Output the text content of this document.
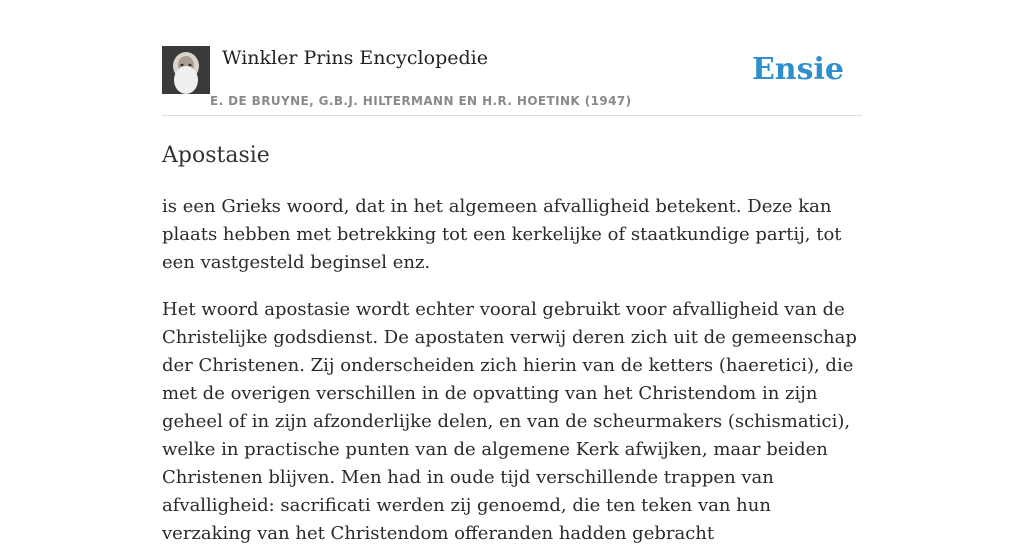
Winkler Prins Encyclopedie
E. DE BRUYNE, G.B.J. HILTERMANN EN H.R. HOETINK (1947)
Ensie
Apostasie

is een Grieks woord, dat in het algemeen afvalligheid betekent. Deze kan plaats hebben met betrekking tot een kerkelijke of staatkundige partij, tot een vastgesteld beginsel enz.

Het woord apostasie wordt echter vooral gebruikt voor afvalligheid van de Christelijke godsdienst. De apostaten verwij deren zich uit de gemeenschap der Christenen. Zij onderscheiden zich hierin van de ketters (haeretici), die met de overigen verschillen in de opvatting van het Christendom in zijn geheel of in zijn afzonderlijke delen, en van de scheurmakers (schismatici), welke in practische punten van de algemene Kerk afwijken, maar beiden Christenen blijven. Men had in oude tijd verschillende trappen van afvalligheid: sacrificati werden zij genoemd, die ten teken van hun verzaking van het Christendom offeranden hadden gebracht
